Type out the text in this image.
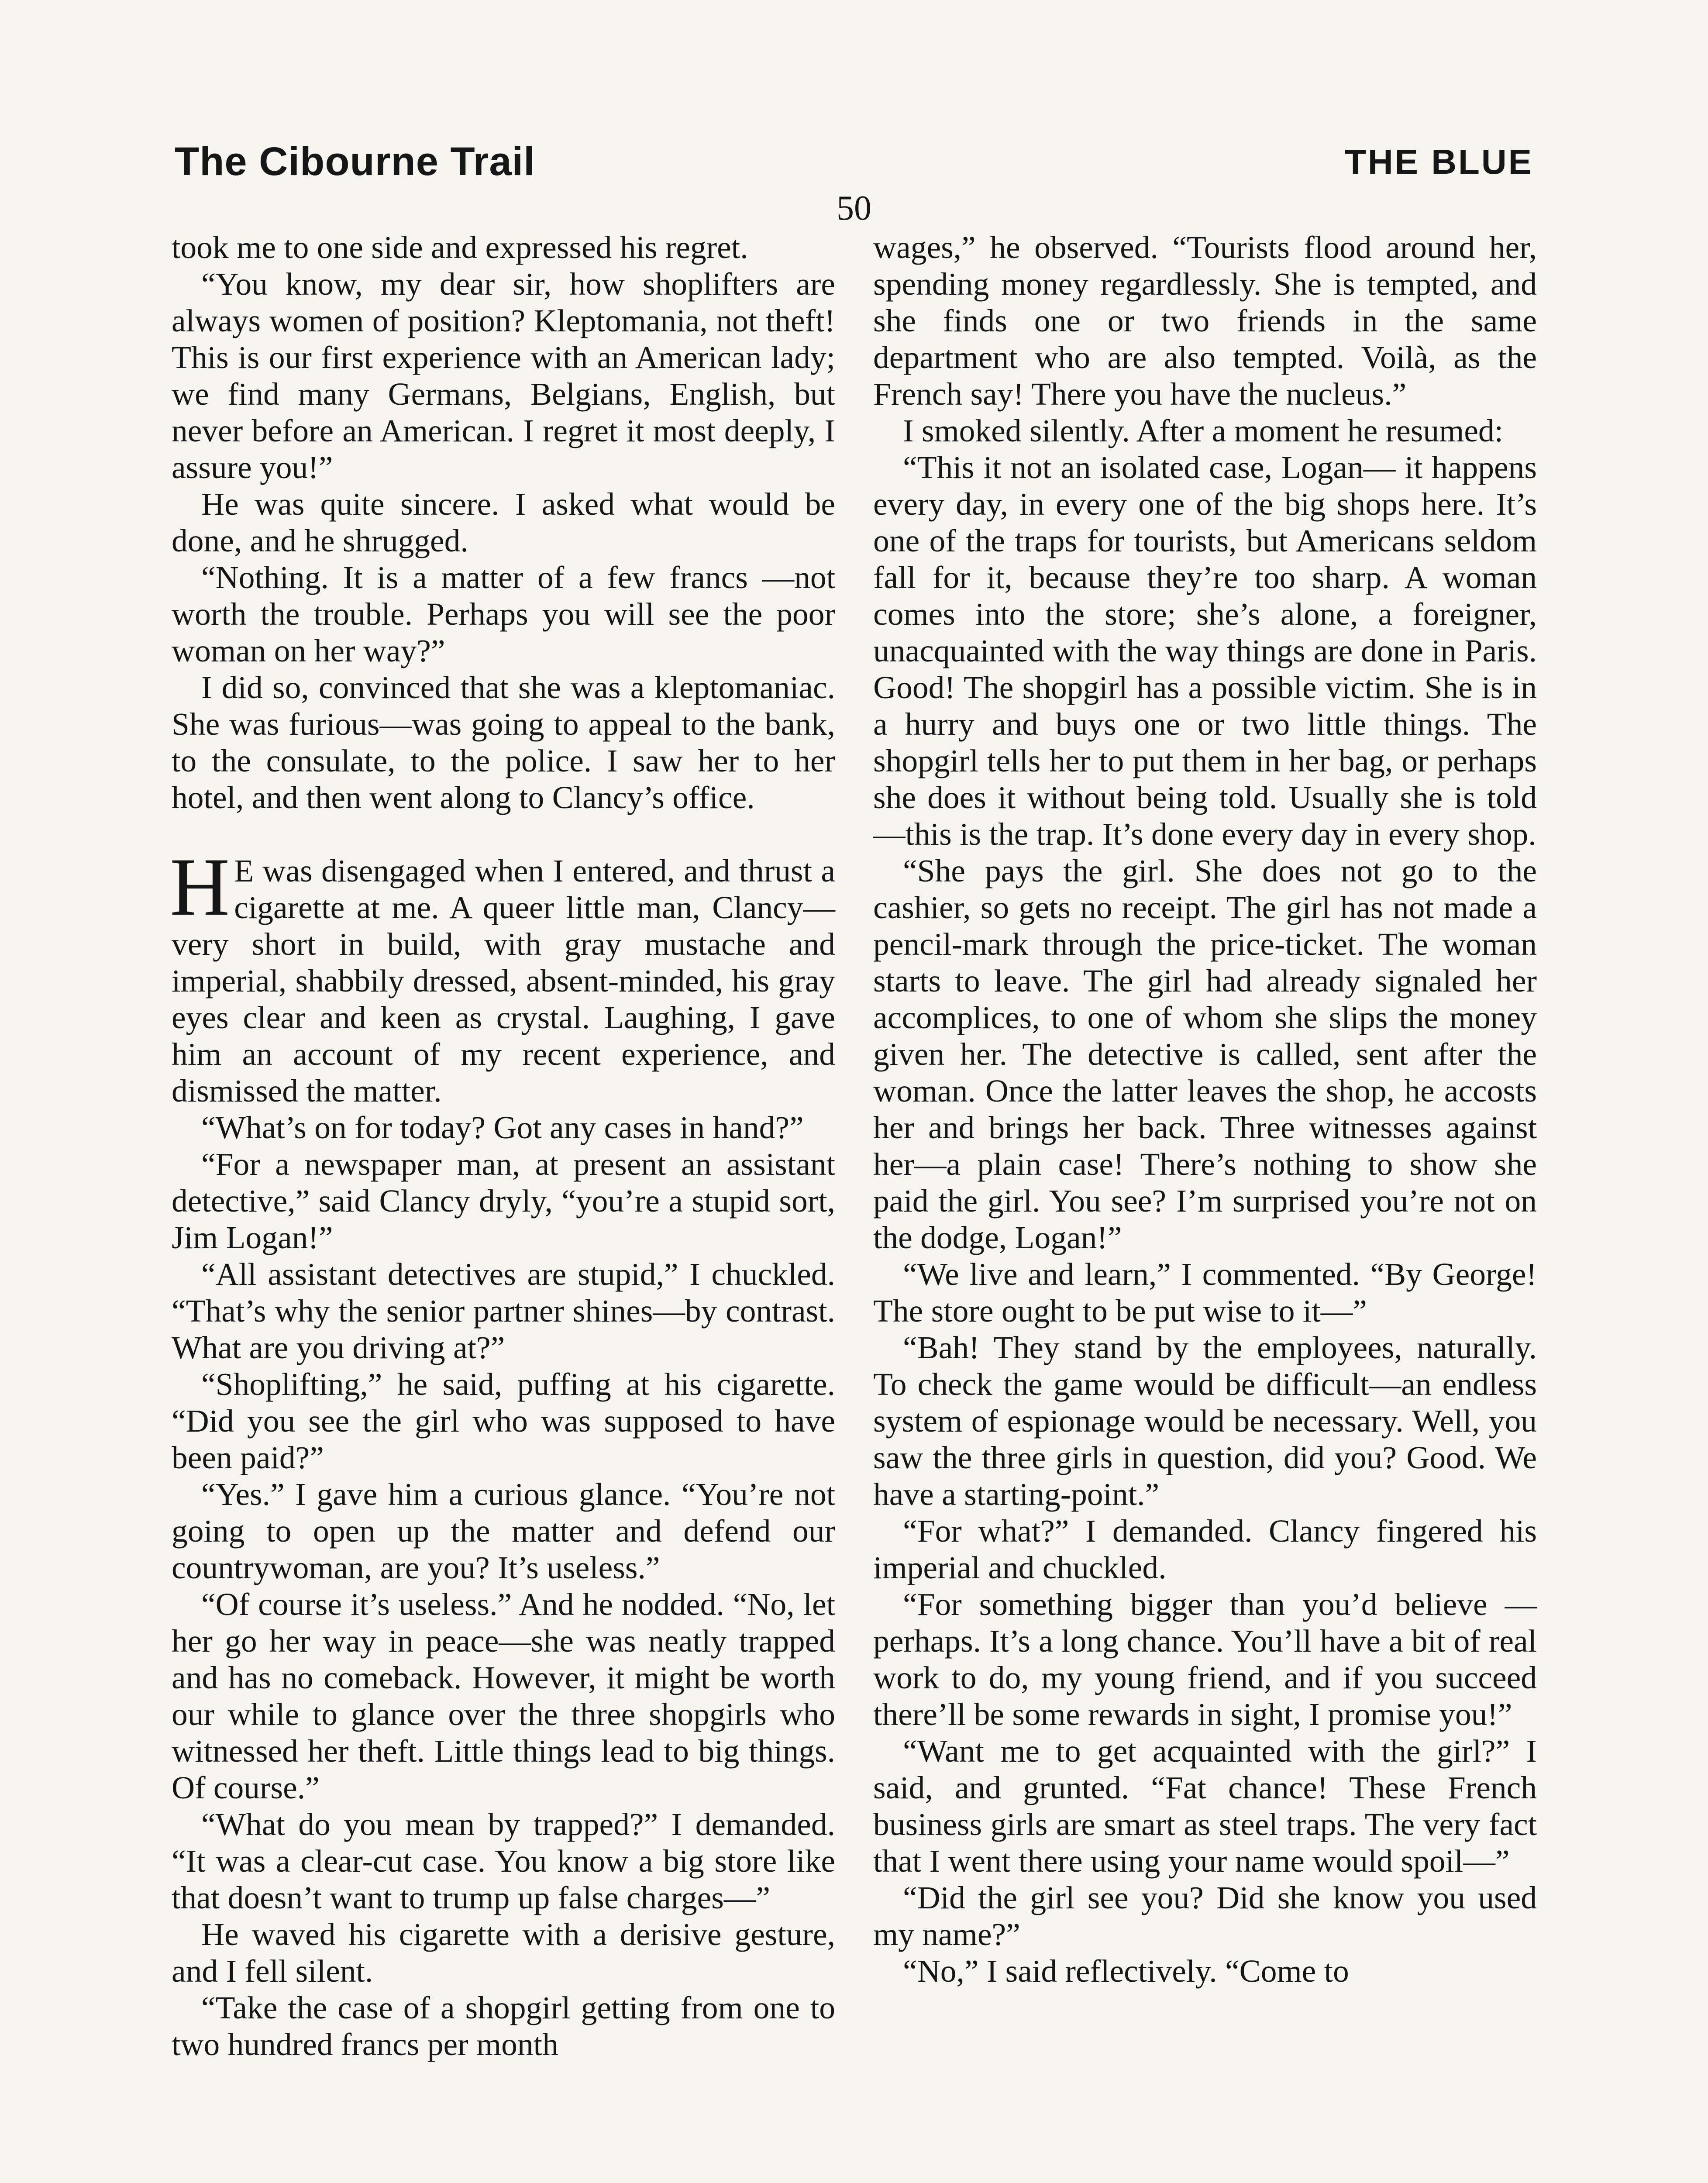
The Cibourne Trail	THE BLUE
50

took me to one side and expressed his regret.

“You know, my dear sir, how shoplifters are always women of position? Kleptomania, not theft! This is our first experience with an American lady; we find many Germans, Belgians, English, but never before an American. I regret it most deeply, I assure you!”

He was quite sincere. I asked what would be done, and he shrugged.

“Nothing. It is a matter of a few francs —not worth the trouble. Perhaps you will see the poor woman on her way?”

I did so, convinced that she was a kleptomaniac. She was furious—was going to appeal to the bank, to the consulate, to the police. I saw her to her hotel, and then went along to Clancy’s office.

H E was disengaged when I entered, and thrust a cigarette at me. A queer little man, Clancy—very short in build, with gray mustache and imperial, shabbily dressed, absent-minded, his gray eyes clear and keen as crystal. Laughing, I gave him an account of my recent experience, and dismissed the matter.

“What’s on for today? Got any cases in hand?”

“For a newspaper man, at present an assistant detective,” said Clancy dryly, “you’re a stupid sort, Jim Logan!”

“All assistant detectives are stupid,” I chuckled. “That’s why the senior partner shines—by contrast. What are you driving at?”

“Shoplifting,” he said, puffing at his cigarette. “Did you see the girl who was supposed to have been paid?”

“Yes.” I gave him a curious glance. “You’re not going to open up the matter and defend our countrywoman, are you? It’s useless.”

“Of course it’s useless.” And he nodded. “No, let her go her way in peace—she was neatly trapped and has no comeback. However, it might be worth our while to glance over the three shopgirls who witnessed her theft. Little things lead to big things. Of course.”

“What do you mean by trapped?” I demanded. “It was a clear-cut case. You know a big store like that doesn’t want to trump up false charges—”

He waved his cigarette with a derisive gesture, and I fell silent.

“Take the case of a shopgirl getting from one to two hundred francs per month

wages,” he observed. “Tourists flood around her, spending money regardlessly. She is tempted, and she finds one or two friends in the same department who are also tempted. Voilà, as the French say! There you have the nucleus.”

I smoked silently. After a moment he resumed:

“This it not an isolated case, Logan— it happens every day, in every one of the big shops here. It’s one of the traps for tourists, but Americans seldom fall for it, because they’re too sharp. A woman comes into the store; she’s alone, a foreigner, unacquainted with the way things are done in Paris. Good! The shopgirl has a possible victim. She is in a hurry and buys one or two little things. The shopgirl tells her to put them in her bag, or perhaps she does it without being told. Usually she is told—this is the trap. It’s done every day in every shop.

“She pays the girl. She does not go to the cashier, so gets no receipt. The girl has not made a pencil-mark through the price-ticket. The woman starts to leave. The girl had already signaled her accomplices, to one of whom she slips the money given her. The detective is called, sent after the woman. Once the latter leaves the shop, he accosts her and brings her back. Three witnesses against her—a plain case! There’s nothing to show she paid the girl. You see? I’m surprised you’re not on the dodge, Logan!”

“We live and learn,” I commented. “By George! The store ought to be put wise to it—”

“Bah! They stand by the employees, naturally. To check the game would be difficult—an endless system of espionage would be necessary. Well, you saw the three girls in question, did you? Good. We have a starting-point.”

“For what?” I demanded. Clancy fingered his imperial and chuckled.

“For something bigger than you’d believe —perhaps. It’s a long chance. You’ll have a bit of real work to do, my young friend, and if you succeed there’ll be some rewards in sight, I promise you!”

“Want me to get acquainted with the girl?” I said, and grunted. “Fat chance! These French business girls are smart as steel traps. The very fact that I went there using your name would spoil—”

“Did the girl see you? Did she know you used my name?”

“No,” I said reflectively. “Come to
